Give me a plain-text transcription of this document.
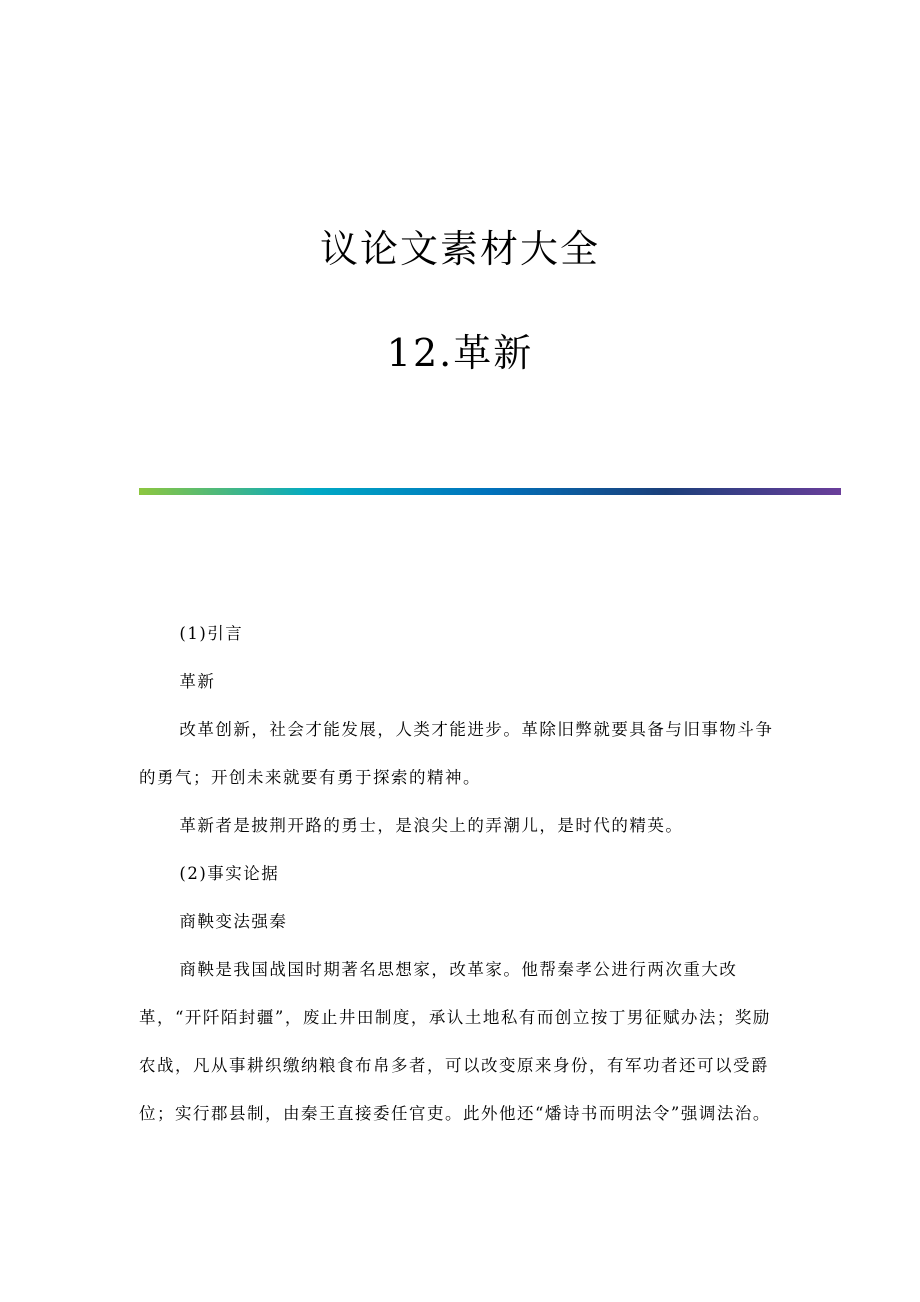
议论文素材大全
12.革新

(1)引言

革新

改革创新，社会才能发展，人类才能进步。革除旧弊就要具备与旧事物斗争的勇气；开创未来就要有勇于探索的精神。

革新者是披荆开路的勇士，是浪尖上的弄潮儿，是时代的精英。

(2)事实论据

商鞅变法强秦

商鞅是我国战国时期著名思想家，改革家。他帮秦孝公进行两次重大改革，“开阡陌封疆”，废止井田制度，承认土地私有而创立按丁男征赋办法；奖励农战，凡从事耕织缴纳粮食布帛多者，可以改变原来身份，有军功者还可以受爵位；实行郡县制，由秦王直接委任官吏。此外他还“燔诗书而明法令”强调法治。
